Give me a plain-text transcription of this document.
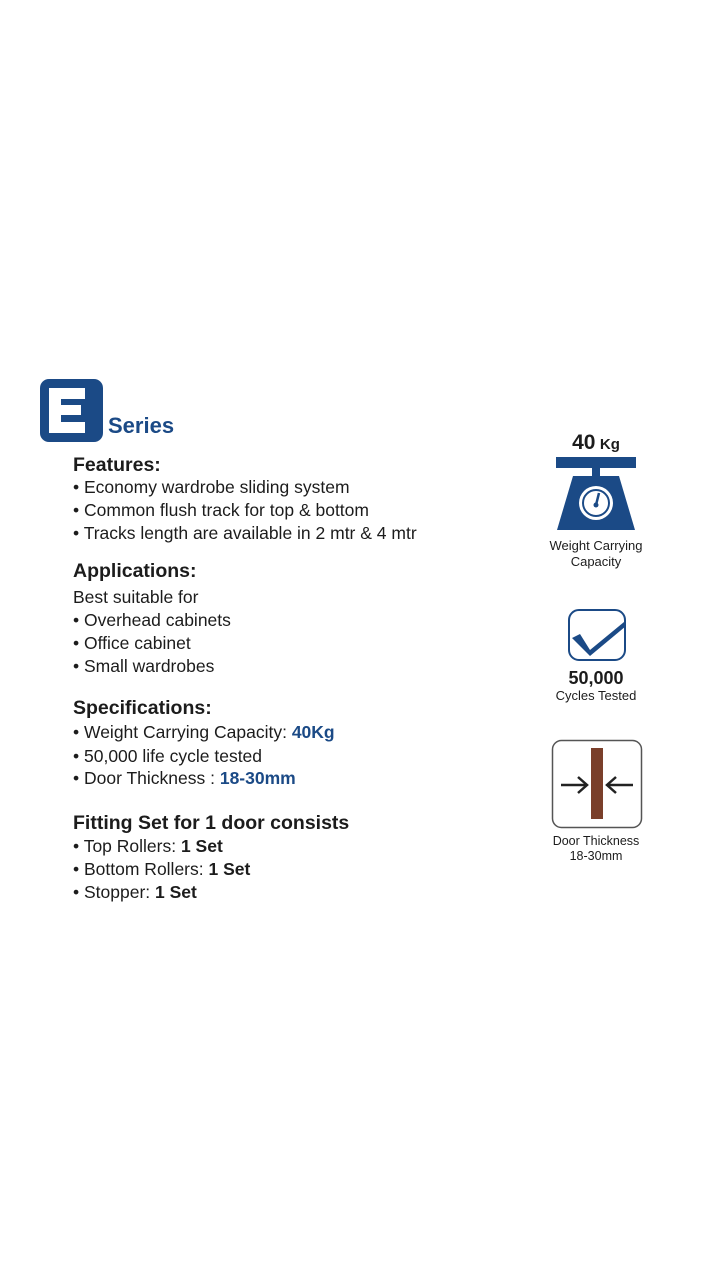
Series
Features:
• Economy wardrobe sliding system
• Common flush track for top & bottom
• Tracks length are available in 2 mtr & 4 mtr
Applications:
Best suitable for
• Overhead cabinets
• Office cabinet
• Small wardrobes
Specifications:
• Weight Carrying Capacity: 40Kg
• 50,000 life cycle tested
• Door Thickness : 18-30mm
Fitting Set for 1 door consists
• Top Rollers: 1 Set
• Bottom Rollers: 1 Set
• Stopper: 1 Set
40 Kg
Weight Carrying
Capacity
50,000
Cycles Tested
Door Thickness
18-30mm
